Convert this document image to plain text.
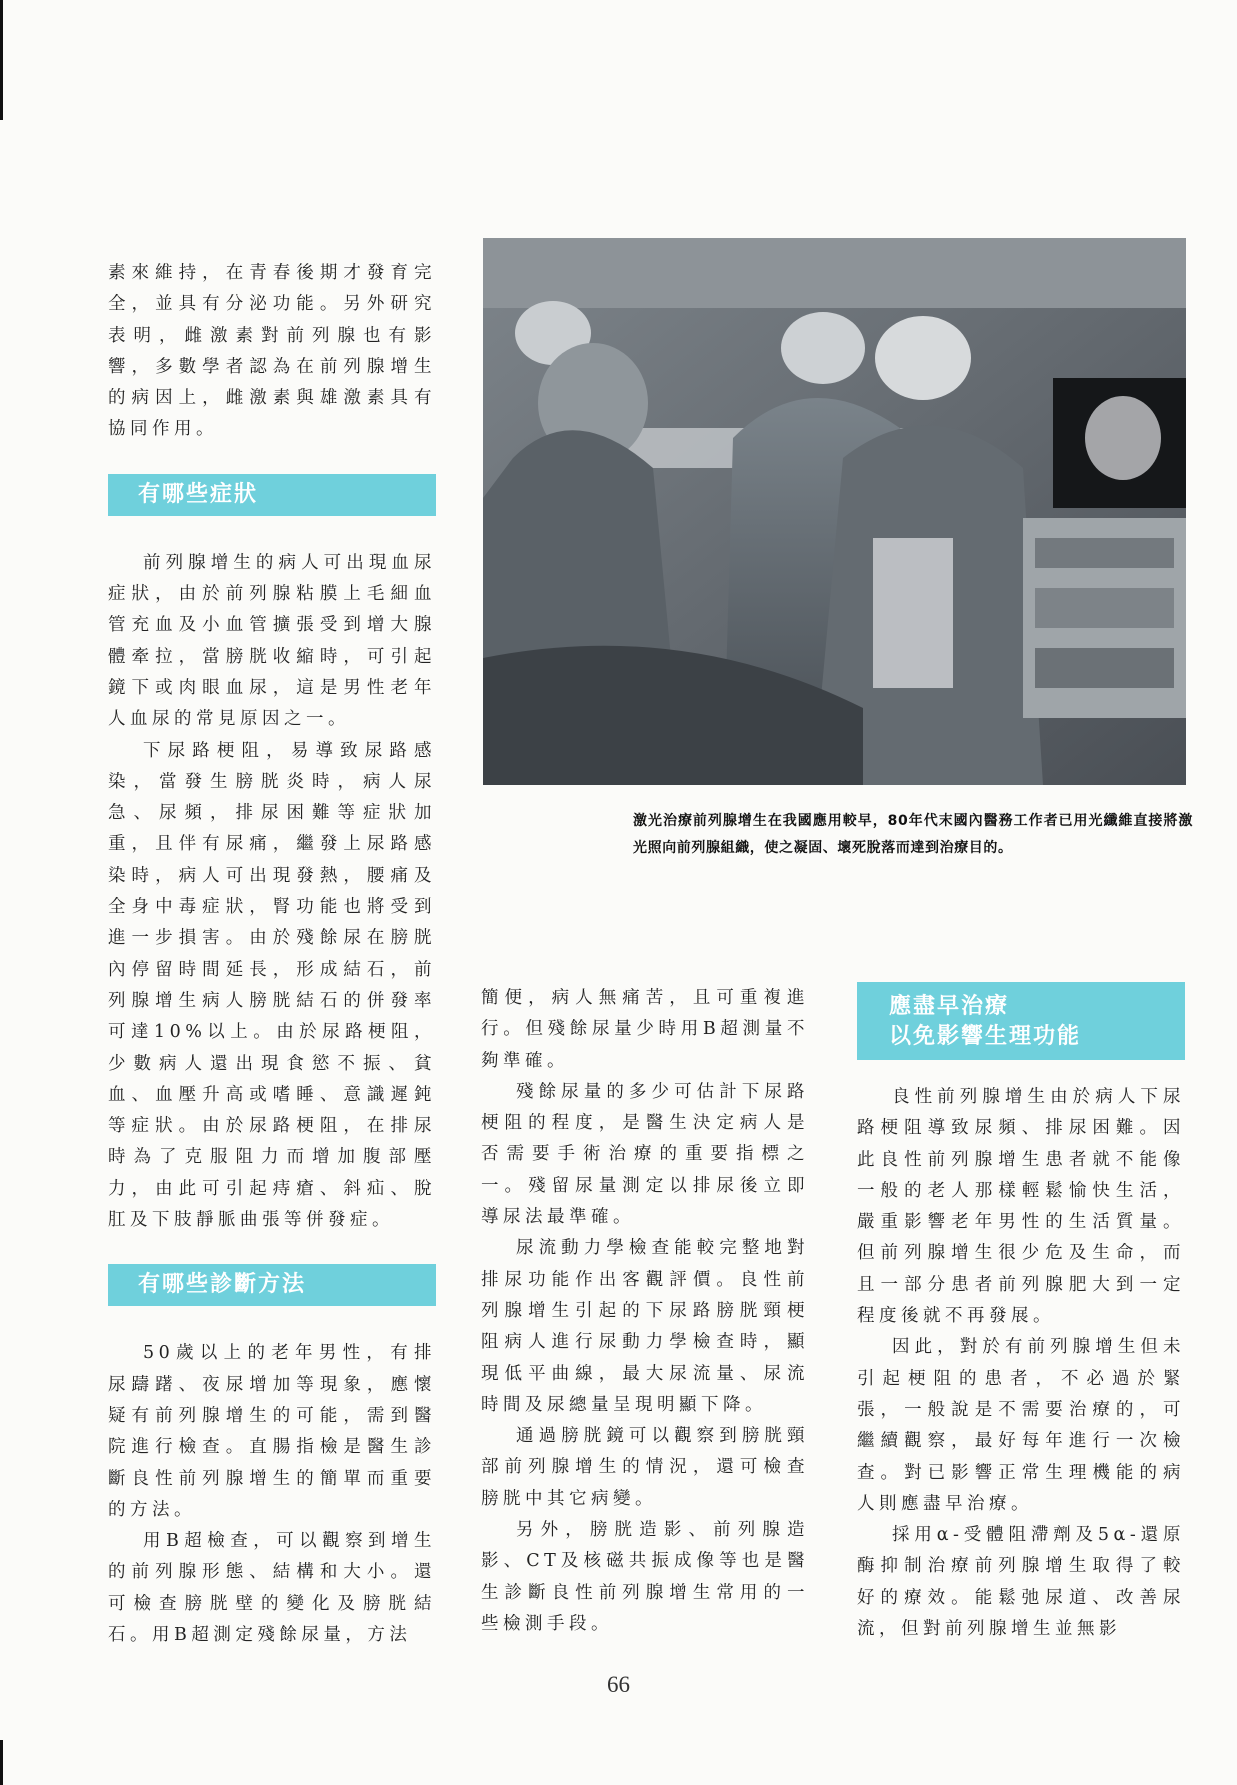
素來維持，在青春後期才發育完全，並具有分泌功能。另外研究表明，雌激素對前列腺也有影響，多數學者認為在前列腺增生的病因上，雌激素與雄激素具有協同作用。

有哪些症狀

前列腺增生的病人可出現血尿症狀，由於前列腺粘膜上毛細血管充血及小血管擴張受到增大腺體牽拉，當膀胱收縮時，可引起鏡下或肉眼血尿，這是男性老年人血尿的常見原因之一。

下尿路梗阻，易導致尿路感染，當發生膀胱炎時，病人尿急、尿頻，排尿困難等症狀加重，且伴有尿痛，繼發上尿路感染時，病人可出現發熱，腰痛及全身中毒症狀，腎功能也將受到進一步損害。由於殘餘尿在膀胱內停留時間延長，形成結石，前列腺增生病人膀胱結石的併發率可達10%以上。由於尿路梗阻，少數病人還出現食慾不振、貧血、血壓升高或嗜睡、意識遲鈍等症狀。由於尿路梗阻，在排尿時為了克服阻力而增加腹部壓力，由此可引起痔瘡、斜疝、脫肛及下肢靜脈曲張等併發症。

有哪些診斷方法

50歲以上的老年男性，有排尿躊躇、夜尿增加等現象，應懷疑有前列腺增生的可能，需到醫院進行檢查。直腸指檢是醫生診斷良性前列腺增生的簡單而重要的方法。

用B超檢查，可以觀察到增生的前列腺形態、結構和大小。還可檢查膀胱壁的變化及膀胱結石。用B超測定殘餘尿量，方法

激光治療前列腺增生在我國應用較早，80年代末國內醫務工作者已用光纖維直接將激光照向前列腺組織，使之凝固、壞死脫落而達到治療目的。

簡便，病人無痛苦，且可重複進行。但殘餘尿量少時用B超測量不夠準確。

殘餘尿量的多少可估計下尿路梗阻的程度，是醫生決定病人是否需要手術治療的重要指標之一。殘留尿量測定以排尿後立即導尿法最準確。

尿流動力學檢查能較完整地對排尿功能作出客觀評價。良性前列腺增生引起的下尿路膀胱頸梗阻病人進行尿動力學檢查時，顯現低平曲線，最大尿流量、尿流時間及尿總量呈現明顯下降。

通過膀胱鏡可以觀察到膀胱頸部前列腺增生的情況，還可檢查膀胱中其它病變。

另外，膀胱造影、前列腺造影、CT及核磁共振成像等也是醫生診斷良性前列腺增生常用的一些檢測手段。

應盡早治療
以免影響生理功能

良性前列腺增生由於病人下尿路梗阻導致尿頻、排尿困難。因此良性前列腺增生患者就不能像一般的老人那樣輕鬆愉快生活，嚴重影響老年男性的生活質量。但前列腺增生很少危及生命，而且一部分患者前列腺肥大到一定程度後就不再發展。

因此，對於有前列腺增生但未引起梗阻的患者，不必過於緊張，一般說是不需要治療的，可繼續觀察，最好每年進行一次檢查。對已影響正常生理機能的病人則應盡早治療。

採用α-受體阻滯劑及5α-還原酶抑制治療前列腺增生取得了較好的療效。能鬆弛尿道、改善尿流，但對前列腺增生並無影

66
